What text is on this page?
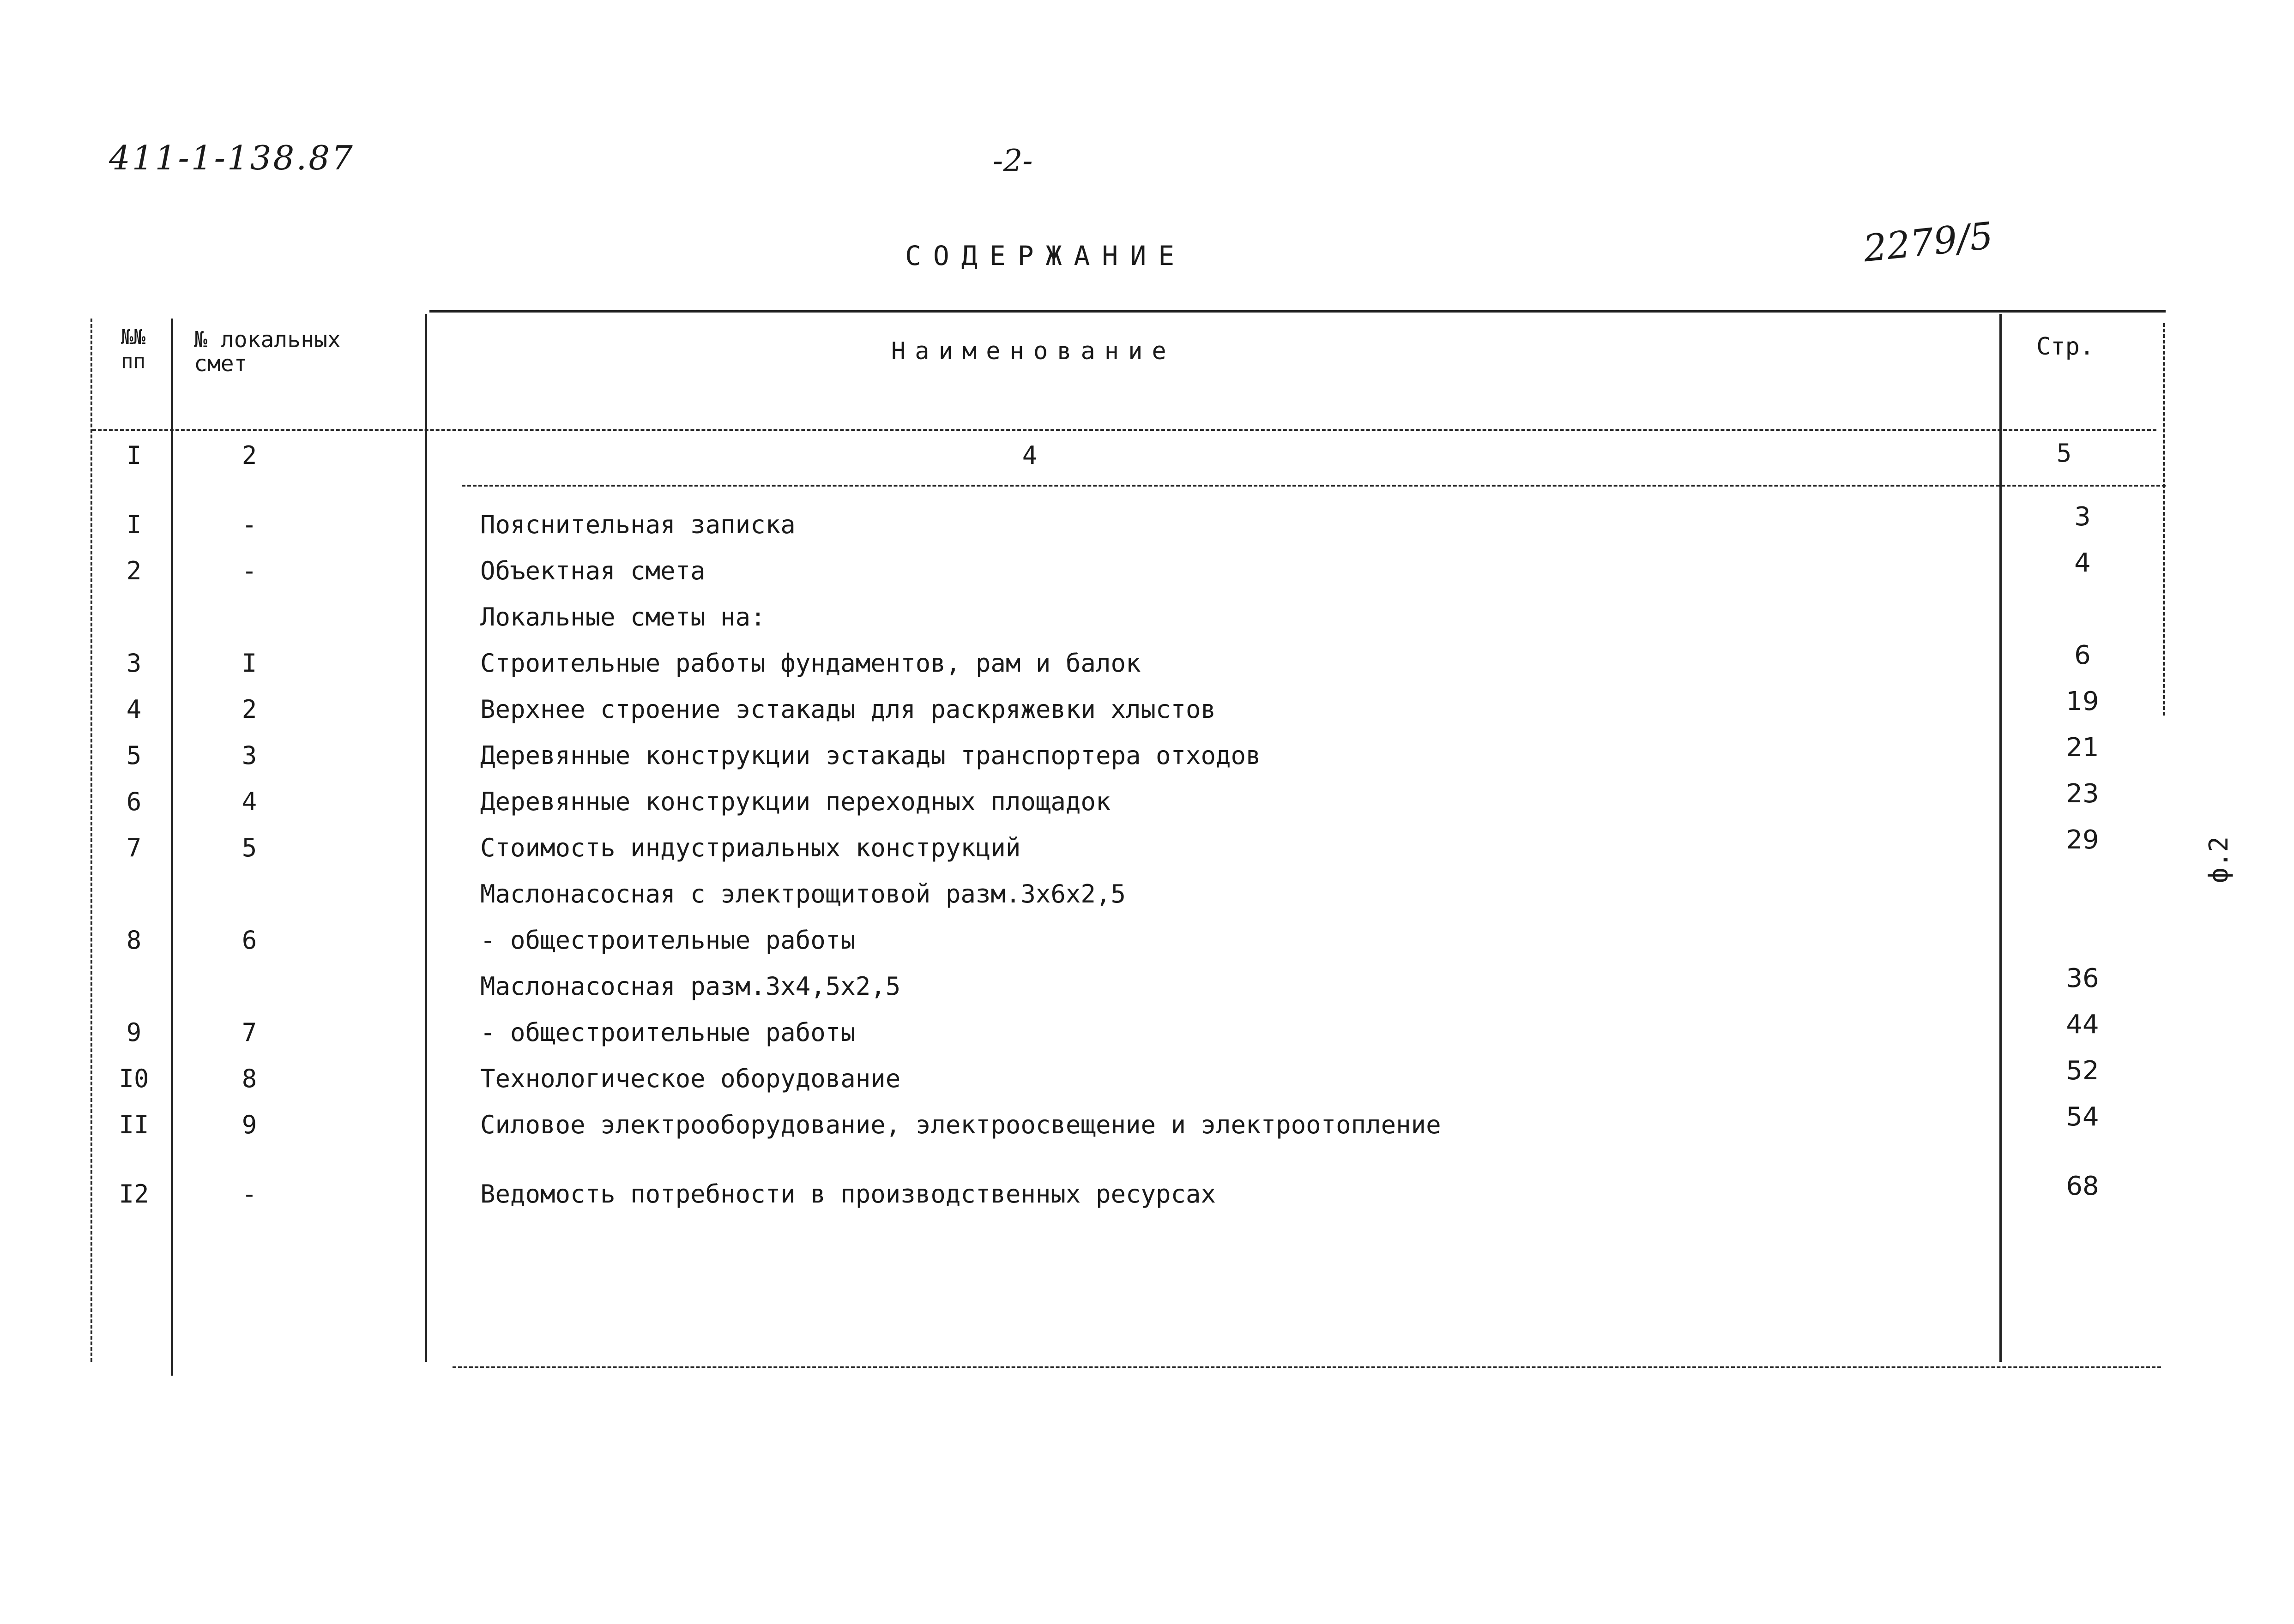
411-1-138.87	-2-
2279/5
СОДЕРЖАНИЕ
ф.2
№№
пп
№ локальных
смет	Наименование	Стр.
I	2	4	5
I	-	Пояснительная записка	3
2	-	Объектная смета	4
Локальные сметы на:
3	I	Строительные работы фундаментов, рам и балок	6
4	2	Верхнее строение эстакады для раскряжевки хлыстов	19
5	3	Деревянные конструкции эстакады транспортера отходов	21
6	4	Деревянные конструкции переходных площадок	23
7	5	Стоимость индустриальных конструкций	29
Маслонасосная с электрощитовой разм.3х6х2,5
8	6	- общестроительные работы
Маслонасосная разм.3х4,5х2,5	36
9	7	- общестроительные работы	44
I0	8	Технологическое оборудование	52
II	9	Силовое электрооборудование, электроосвещение и электроотопление	54
I2	-	Ведомость потребности в производственных ресурсах	68
